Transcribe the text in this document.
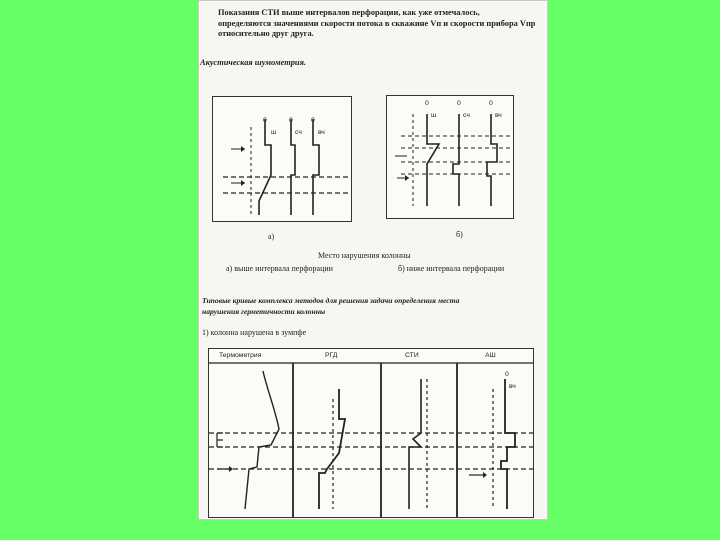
Показания СТИ выше интервалов перфорации, как уже отмечалось,
определяются значениями скорости потока в скважине Vп и скорости прибора Vпр
относительно друг друга.
Акустическая шумометрия.
0	0	0
ш	сч вч
а)
0	0	0
ш	сч	вч
б)
Место нарушения колонны
а) выше интервала перфорации	б) ниже интервала перфорации
Типовые кривые комплекса методов для решения задачи определения места
нарушения герметичности колонны
1) колонна нарушена в зумпфе
Термометрия	РГД	СТИ	АШ
0
вч
